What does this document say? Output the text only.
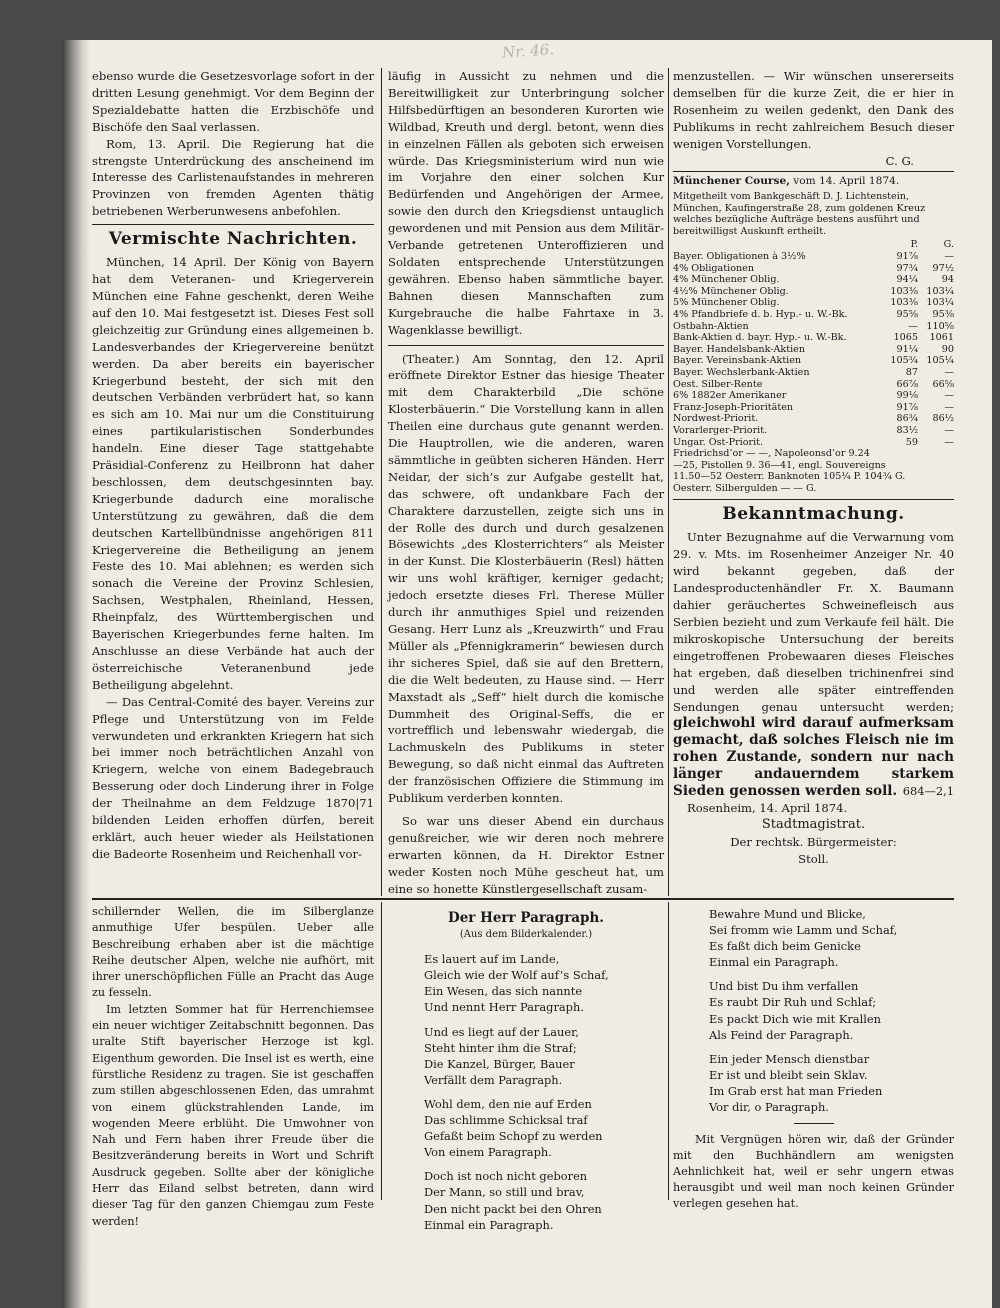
Nr. 46.

ebenso wurde die Gesetzesvorlage sofort in der dritten Lesung genehmigt. Vor dem Beginn der Spezialdebatte hatten die Erzbischöfe und Bischöfe den Saal verlassen.

Rom, 13. April. Die Regierung hat die strengste Unterdrückung des anscheinend im Interesse des Carlistenaufstandes in mehreren Provinzen von fremden Agenten thätig betriebenen Werberunwesens anbefohlen.

Vermischte Nachrichten.

München, 14 April. Der König von Bayern hat dem Veteranen- und Kriegerverein München eine Fahne geschenkt, deren Weihe auf den 10. Mai festgesetzt ist. Dieses Fest soll gleichzeitig zur Gründung eines allgemeinen b. Landesverbandes der Kriegervereine benützt werden. Da aber bereits ein bayerischer Kriegerbund besteht, der sich mit den deutschen Verbänden verbrüdert hat, so kann es sich am 10. Mai nur um die Constituirung eines partikularistischen Sonderbundes handeln. Eine dieser Tage stattgehabte Präsidial-Conferenz zu Heilbronn hat daher beschlossen, dem deutschgesinnten bay. Kriegerbunde dadurch eine moralische Unterstützung zu gewähren, daß die dem deutschen Kartellbündnisse angehörigen 811 Kriegervereine die Betheiligung an jenem Feste des 10. Mai ablehnen; es werden sich sonach die Vereine der Provinz Schlesien, Sachsen, Westphalen, Rheinland, Hessen, Rheinpfalz, des Württembergischen und Bayerischen Kriegerbundes ferne halten. Im Anschlusse an diese Verbände hat auch der österreichische Veteranenbund jede Betheiligung abgelehnt.

— Das Central-Comité des bayer. Vereins zur Pflege und Unterstützung von im Felde verwundeten und erkrankten Kriegern hat sich bei immer noch beträchtlichen Anzahl von Kriegern, welche von einem Badegebrauch Besserung oder doch Linderung ihrer in Folge der Theilnahme an dem Feldzuge 1870|71 bildenden Leiden erhoffen dürfen, bereit erklärt, auch heuer wieder als Heilstationen die Badeorte Rosenheim und Reichenhall vor-

läufig in Aussicht zu nehmen und die Bereitwilligkeit zur Unterbringung solcher Hilfsbedürftigen an besonderen Kurorten wie Wildbad, Kreuth und dergl. betont, wenn dies in einzelnen Fällen als geboten sich erweisen würde. Das Kriegsministerium wird nun wie im Vorjahre den einer solchen Kur Bedürfenden und Angehörigen der Armee, sowie den durch den Kriegsdienst untauglich gewordenen und mit Pension aus dem Militär-Verbande getretenen Unteroffizieren und Soldaten entsprechende Unterstützungen gewähren. Ebenso haben sämmtliche bayer. Bahnen diesen Mannschaften zum Kurgebrauche die halbe Fahrtaxe in 3. Wagenklasse bewilligt.

(Theater.) Am Sonntag, den 12. April eröffnete Direktor Estner das hiesige Theater mit dem Charakterbild „Die schöne Klosterbäuerin.“ Die Vorstellung kann in allen Theilen eine durchaus gute genannt werden. Die Hauptrollen, wie die anderen, waren sämmtliche in geübten sicheren Händen. Herr Neidar, der sich’s zur Aufgabe gestellt hat, das schwere, oft undankbare Fach der Charaktere darzustellen, zeigte sich uns in der Rolle des durch und durch gesalzenen Bösewichts „des Klosterrichters“ als Meister in der Kunst. Die Klosterbäuerin (Resl) hätten wir uns wohl kräftiger, kerniger gedacht; jedoch ersetzte dieses Frl. Therese Müller durch ihr anmuthiges Spiel und reizenden Gesang. Herr Lunz als „Kreuzwirth“ und Frau Müller als „Pfennigkramerin“ bewiesen durch ihr sicheres Spiel, daß sie auf den Brettern, die die Welt bedeuten, zu Hause sind. — Herr Maxstadt als „Seff“ hielt durch die komische Dummheit des Original-Seffs, die er vortrefflich und lebenswahr wiedergab, die Lachmuskeln des Publikums in steter Bewegung, so daß nicht einmal das Auftreten der französischen Offiziere die Stimmung im Publikum verderben konnten.

So war uns dieser Abend ein durchaus genußreicher, wie wir deren noch mehrere erwarten können, da H. Direktor Estner weder Kosten noch Mühe gescheut hat, um eine so honette Künstlergesellschaft zusam-

menzustellen. — Wir wünschen unsererseits demselben für die kurze Zeit, die er hier in Rosenheim zu weilen gedenkt, den Dank des Publikums in recht zahlreichem Besuch dieser wenigen Vorstellungen.

C. G.
Münchener Course, vom 14. April 1874.
Mitgetheilt vom Bankgeschäft D. J. Lichtenstein, München, Kaufingerstraße 28, zum goldenen Kreuz welches bezügliche Aufträge bestens ausführt und bereitwilligst Auskunft ertheilt.
P.	G.
Bayer. Obligationen à 3½%	91⅞	—
4% Obligationen	97¾	97½
4% Münchener Oblig.	94¼	94
4½% Münchener Oblig.	103⅜ 103¼
5% Münchener Oblig.	103⅜ 103¼
4% Pfandbriefe d. b. Hyp.- u. W.-Bk.	95⅝	95⅜
Ostbahn-Aktien	— 110⅝
Bank-Aktien d. bayr. Hyp.- u. W.-Bk.	1065	1061
Bayer. Handelsbank-Aktien	91¼	90
Bayer. Vereinsbank-Aktien	105¾ 105¼
Bayer. Wechslerbank-Aktien	87	—
Oest. Silber-Rente	66⅞	66⅝
6% 1882er Amerikaner	99⅛	—
Franz-Joseph-Prioritäten	91⅞	—
Nordwest-Priorit.	86¾	86½
Vorarlerger-Priorit.	83½	—
Ungar. Ost-Priorit.	59	—
Friedrichsd’or — —, Napoleonsd’or 9.24
—25, Pistollen 9. 36—41, engl. Souvereigns
11.50—52 Oesterr. Banknoten 105¼ P. 104¾ G.
Oesterr. Silbergulden — — G.
Bekanntmachung.

Unter Bezugnahme auf die Verwarnung vom 29. v. Mts. im Rosenheimer Anzeiger Nr. 40 wird bekannt gegeben, daß der Landesproductenhändler Fr. X. Baumann dahier geräuchertes Schweinefleisch aus Serbien bezieht und zum Verkaufe feil hält. Die mikroskopische Untersuchung der bereits eingetroffenen Probewaaren dieses Fleisches hat ergeben, daß dieselben trichinenfrei sind und werden alle später eintreffenden Sendungen genau untersucht werden; gleichwohl wird darauf aufmerksam gemacht, daß solches Fleisch nie im rohen Zustande, sondern nur nach länger andauerndem starkem Sieden genossen werden soll. 684—2,1
Rosenheim, 14. April 1874.
Stadtmagistrat.
Der rechtsk. Bürgermeister:
Stoll.

schillernder Wellen, die im Silberglanze anmuthige Ufer bespülen. Ueber alle Beschreibung erhaben aber ist die mächtige Reihe deutscher Alpen, welche nie aufhört, mit ihrer unerschöpflichen Fülle an Pracht das Auge zu fesseln.

Im letzten Sommer hat für Herrenchiemsee ein neuer wichtiger Zeitabschnitt begonnen. Das uralte Stift bayerischer Herzoge ist kgl. Eigenthum geworden. Die Insel ist es werth, eine fürstliche Residenz zu tragen. Sie ist geschaffen zum stillen abgeschlossenen Eden, das umrahmt von einem glückstrahlenden Lande, im wogenden Meere erblüht. Die Umwohner von Nah und Fern haben ihrer Freude über die Besitzveränderung bereits in Wort und Schrift Ausdruck gegeben. Sollte aber der königliche Herr das Eiland selbst betreten, dann wird dieser Tag für den ganzen Chiemgau zum Feste werden!

Der Herr Paragraph.
(Aus dem Bilderkalender.)
Es lauert auf im Lande,
Gleich wie der Wolf auf’s Schaf,
Ein Wesen, das sich nannte
Und nennt Herr Paragraph.
Und es liegt auf der Lauer,
Steht hinter ihm die Straf;
Die Kanzel, Bürger, Bauer
Verfällt dem Paragraph.
Wohl dem, den nie auf Erden
Das schlimme Schicksal traf
Gefaßt beim Schopf zu werden
Von einem Paragraph.
Doch ist noch nicht geboren
Der Mann, so still und brav,
Den nicht packt bei den Ohren
Einmal ein Paragraph.
Bewahre Mund und Blicke,
Sei fromm wie Lamm und Schaf,
Es faßt dich beim Genicke
Einmal ein Paragraph.
Und bist Du ihm verfallen
Es raubt Dir Ruh und Schlaf;
Es packt Dich wie mit Krallen
Als Feind der Paragraph.
Ein jeder Mensch dienstbar
Er ist und bleibt sein Sklav.
Im Grab erst hat man Frieden
Vor dir, o Paragraph.

Mit Vergnügen hören wir, daß der Gründer mit den Buchhändlern am wenigsten Aehnlichkeit hat, weil er sehr ungern etwas herausgibt und weil man noch keinen Gründer verlegen gesehen hat.
